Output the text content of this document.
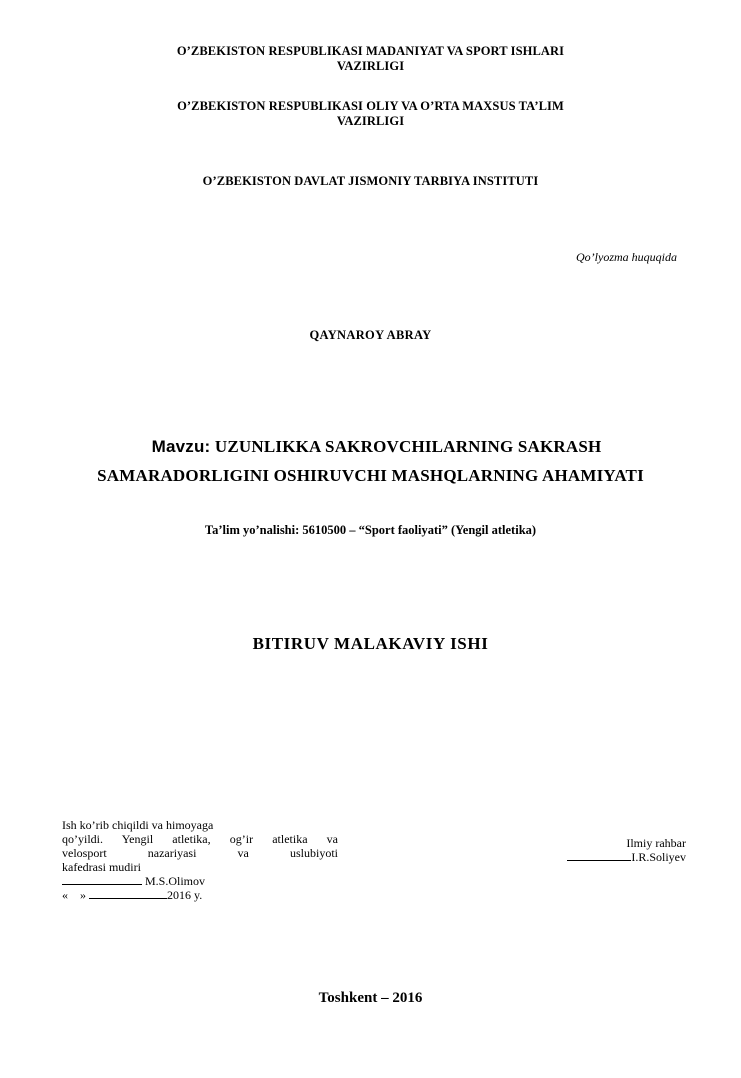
O’ZBEKISTON RESPUBLIKASI MADANIYAT VA SPORT ISHLARI
VAZIRLIGI
O’ZBEKISTON RESPUBLIKASI OLIY VA O’RTA MAXSUS TA’LIM
VAZIRLIGI
O’ZBEKISTON DAVLAT JISMONIY TARBIYA INSTITUTI
Qo’lyozma huquqida
QAYNAROY ABRAY
Mavzu: UZUNLIKKA SAKROVCHILARNING SAKRASH
SAMARADORLIGINI OSHIRUVCHI MASHQLARNING AHAMIYATI
Ta’lim yo’nalishi: 5610500 – “Sport faoliyati” (Yengil atletika)
BITIRUV MALAKAVIY ISHI
Ish ko’rib chiqildi va himoyaga
qo’yildi. Yengil atletika, og’ir atletika va
velosport nazariyasi va uslubiyoti
kafedrasi mudiri
M.S.Olimov
« »	2016 y.
Ilmiy rahbar
I.R.Soliyev
Toshkent – 2016
